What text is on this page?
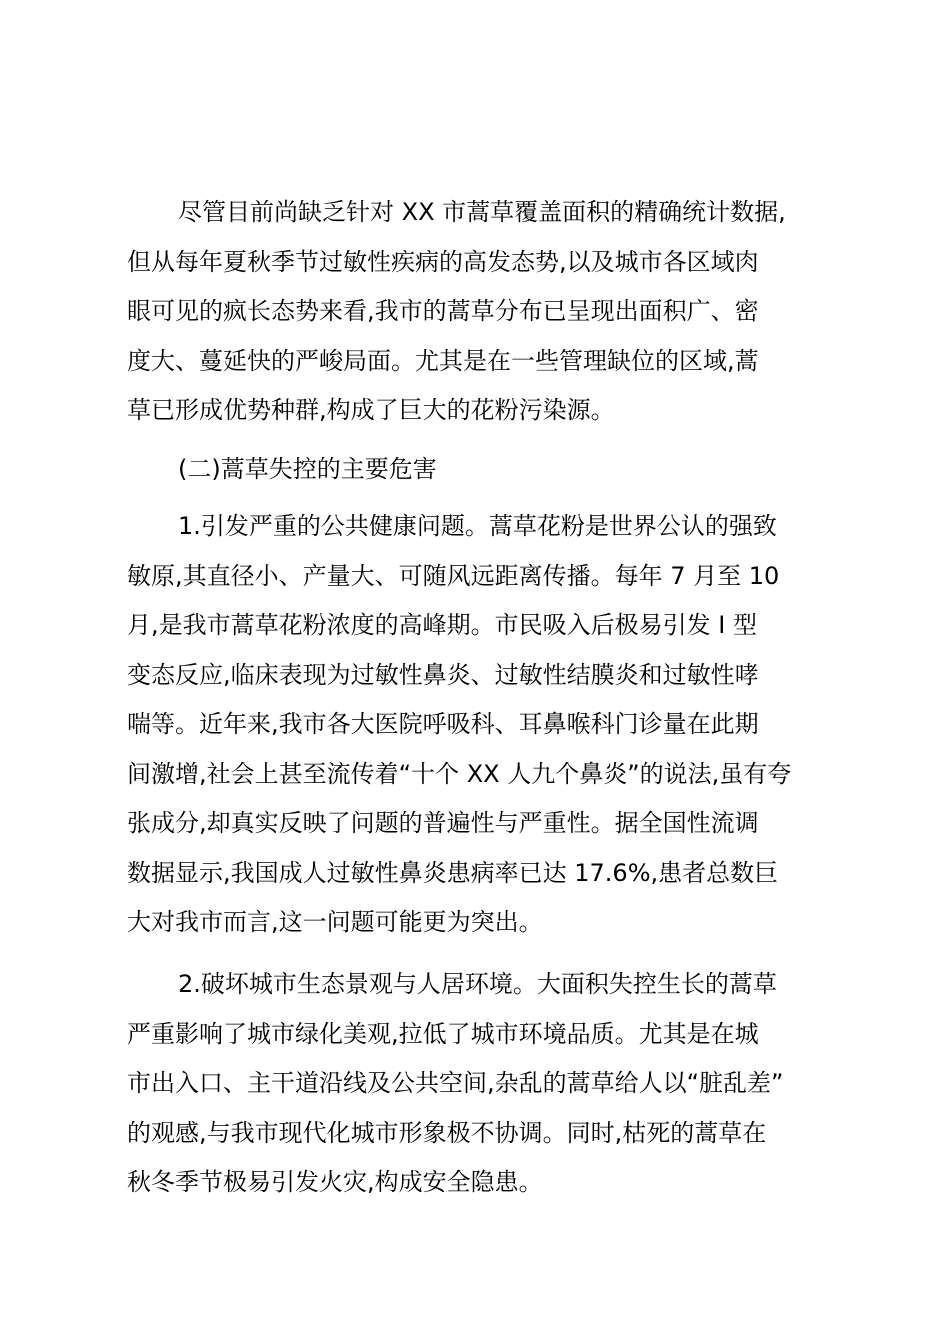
尽管目前尚缺乏针对 XX 市蒿草覆盖面积的精确统计数据,
但从每年夏秋季节过敏性疾病的高发态势,以及城市各区域肉
眼可见的疯长态势来看,我市的蒿草分布已呈现出面积广、密
度大、蔓延快的严峻局面。尤其是在一些管理缺位的区域,蒿
草已形成优势种群,构成了巨大的花粉污染源。
(二)蒿草失控的主要危害
1.引发严重的公共健康问题。蒿草花粉是世界公认的强致
敏原,其直径小、产量大、可随风远距离传播。每年 7 月至 10
月,是我市蒿草花粉浓度的高峰期。市民吸入后极易引发 I 型
变态反应,临床表现为过敏性鼻炎、过敏性结膜炎和过敏性哮
喘等。近年来,我市各大医院呼吸科、耳鼻喉科门诊量在此期
间激增,社会上甚至流传着“十个 XX 人九个鼻炎”的说法,虽有夸
张成分,却真实反映了问题的普遍性与严重性。据全国性流调
数据显示,我国成人过敏性鼻炎患病率已达 17.6%,患者总数巨
大对我市而言,这一问题可能更为突出。
2.破坏城市生态景观与人居环境。大面积失控生长的蒿草
严重影响了城市绿化美观,拉低了城市环境品质。尤其是在城
市出入口、主干道沿线及公共空间,杂乱的蒿草给人以“脏乱差”
的观感,与我市现代化城市形象极不协调。同时,枯死的蒿草在
秋冬季节极易引发火灾,构成安全隐患。
